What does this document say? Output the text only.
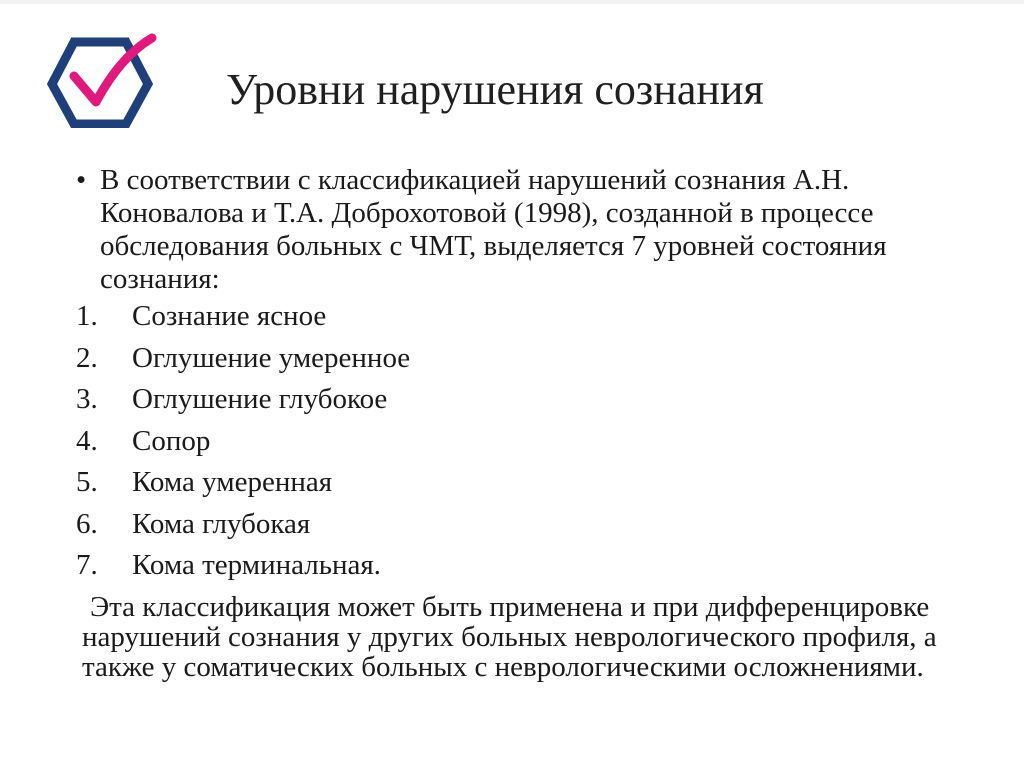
Уровни нарушения сознания
• В соответствии с классификацией нарушений сознания А.Н. Коновалова и Т.А. Доброхотовой (1998), созданной в процессе обследования больных с ЧМТ, выделяется 7 уровней состояния сознания:
1. Сознание ясное
2. Оглушение умеренное
3. Оглушение глубокое
4. Сопор
5. Кома умеренная
6. Кома глубокая
7. Кома терминальная.
Эта классификация может быть применена и при дифференцировке нарушений сознания у других больных неврологического профиля, а также у соматических больных с неврологическими осложнениями.
